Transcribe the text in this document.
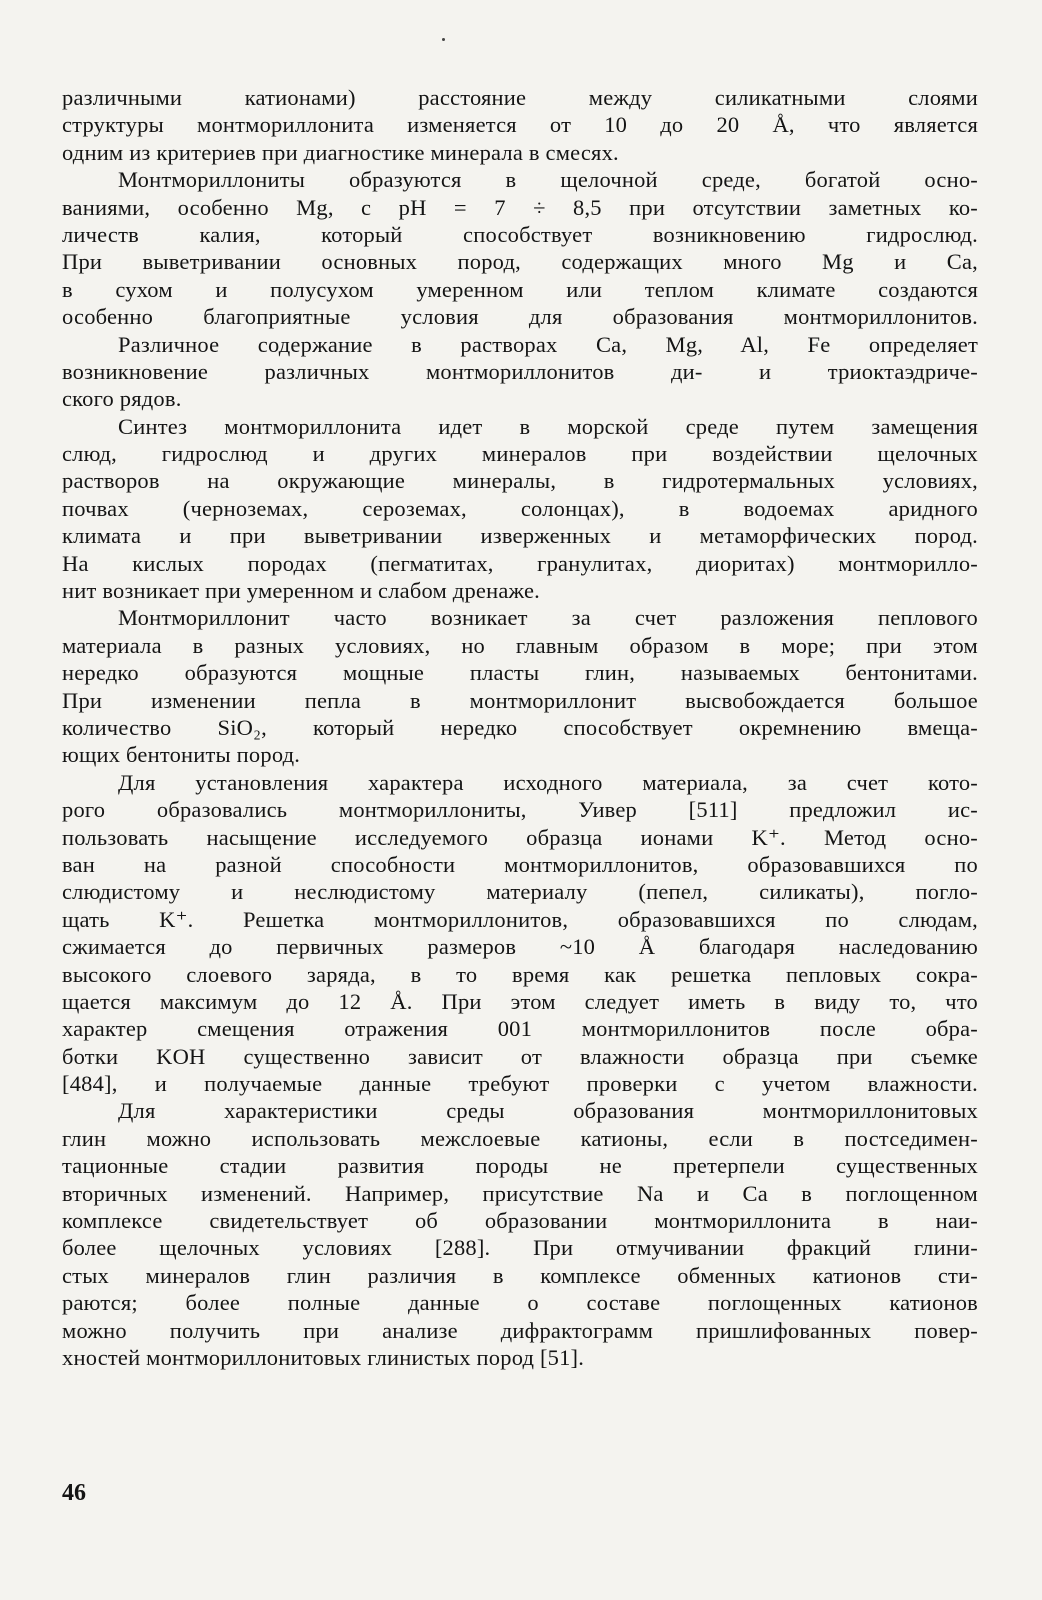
различными катионами) расстояние между силикатными слоями
структуры монтмориллонита изменяется от 10 до 20 Å, что является
одним из критериев при диагностике минерала в смесях.
Монтмориллониты образуются в щелочной среде, богатой осно-
ваниями, особенно Mg, с pH = 7 ÷ 8,5 при отсутствии заметных ко-
личеств калия, который способствует возникновению гидрослюд.
При выветривании основных пород, содержащих много Mg и Ca,
в сухом и полусухом умеренном или теплом климате создаются
особенно благоприятные условия для образования монтмориллонитов.
Различное содержание в растворах Ca, Mg, Al, Fe определяет
возникновение различных монтмориллонитов ди- и триоктаэдриче-
ского рядов.
Синтез монтмориллонита идет в морской среде путем замещения
слюд, гидрослюд и других минералов при воздействии щелочных
растворов на окружающие минералы, в гидротермальных условиях,
почвах (черноземах, сероземах, солонцах), в водоемах аридного
климата и при выветривании изверженных и метаморфических пород.
На кислых породах (пегматитах, гранулитах, диоритах) монтморилло-
нит возникает при умеренном и слабом дренаже.
Монтмориллонит часто возникает за счет разложения пеплового
материала в разных условиях, но главным образом в море; при этом
нередко образуются мощные пласты глин, называемых бентонитами.
При изменении пепла в монтмориллонит высвобождается большое
количество SiO₂, который нередко способствует окремнению вмеща-
ющих бентониты пород.
Для установления характера исходного материала, за счет кото-
рого образовались монтмориллониты, Уивер [511] предложил ис-
пользовать насыщение исследуемого образца ионами K⁺. Метод осно-
ван на разной способности монтмориллонитов, образовавшихся по
слюдистому и неслюдистому материалу (пепел, силикаты), погло-
щать K⁺. Решетка монтмориллонитов, образовавшихся по слюдам,
сжимается до первичных размеров ~10 Å благодаря наследованию
высокого слоевого заряда, в то время как решетка пепловых сокра-
щается максимум до 12 Å. При этом следует иметь в виду то, что
характер смещения отражения 001 монтмориллонитов после обра-
ботки KOH существенно зависит от влажности образца при съемке
[484], и получаемые данные требуют проверки с учетом влажности.
Для характеристики среды образования монтмориллонитовых
глин можно использовать межслоевые катионы, если в постседимен-
тационные стадии развития породы не претерпели существенных
вторичных изменений. Например, присутствие Na и Ca в поглощенном
комплексе свидетельствует об образовании монтмориллонита в наи-
более щелочных условиях [288]. При отмучивании фракций глини-
стых минералов глин различия в комплексе обменных катионов сти-
раются; более полные данные о составе поглощенных катионов
можно получить при анализе дифрактограмм пришлифованных повер-
хностей монтмориллонитовых глинистых пород [51].
46
